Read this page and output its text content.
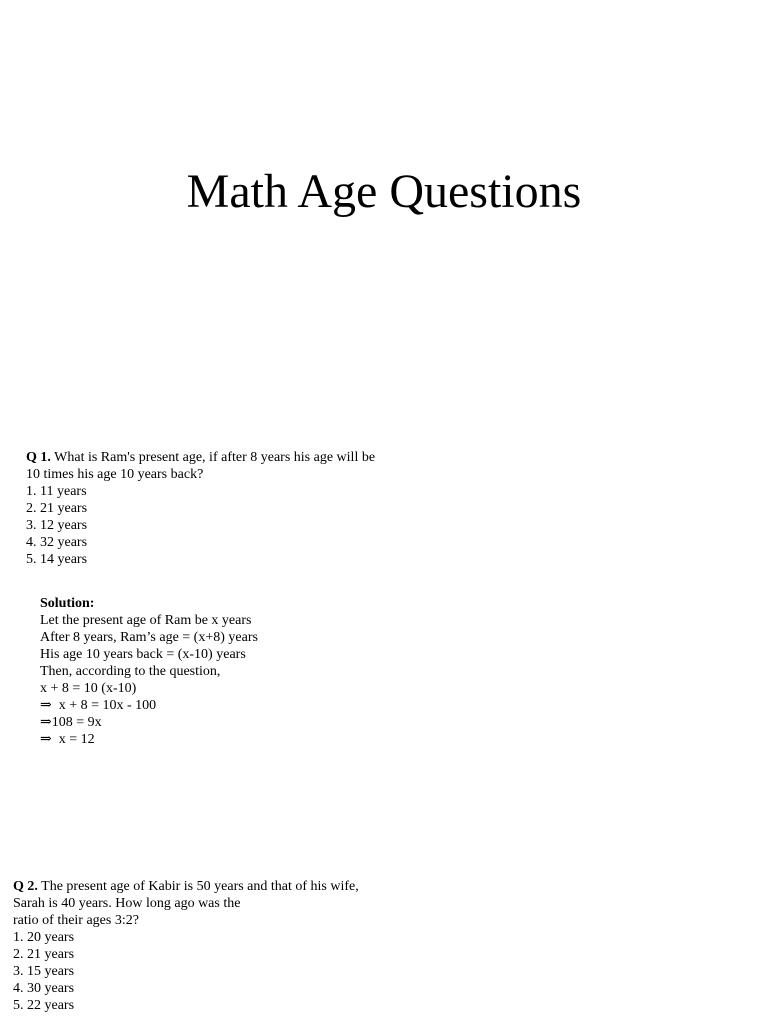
Math Age Questions
Q 1. What is Ram's present age, if after 8 years his age will be
10 times his age 10 years back?
1. 11 years
2. 21 years
3. 12 years
4. 32 years
5. 14 years
Solution:
Let the present age of Ram be x years
After 8 years, Ram’s age = (x+8) years
His age 10 years back = (x-10) years
Then, according to the question,
x + 8 = 10 (x-10)
⇒  x + 8 = 10x - 100
⇒108 = 9x
⇒  x = 12
Q 2. The present age of Kabir is 50 years and that of his wife,
Sarah is 40 years. How long ago was the
ratio of their ages 3:2?
1. 20 years
2. 21 years
3. 15 years
4. 30 years
5. 22 years
